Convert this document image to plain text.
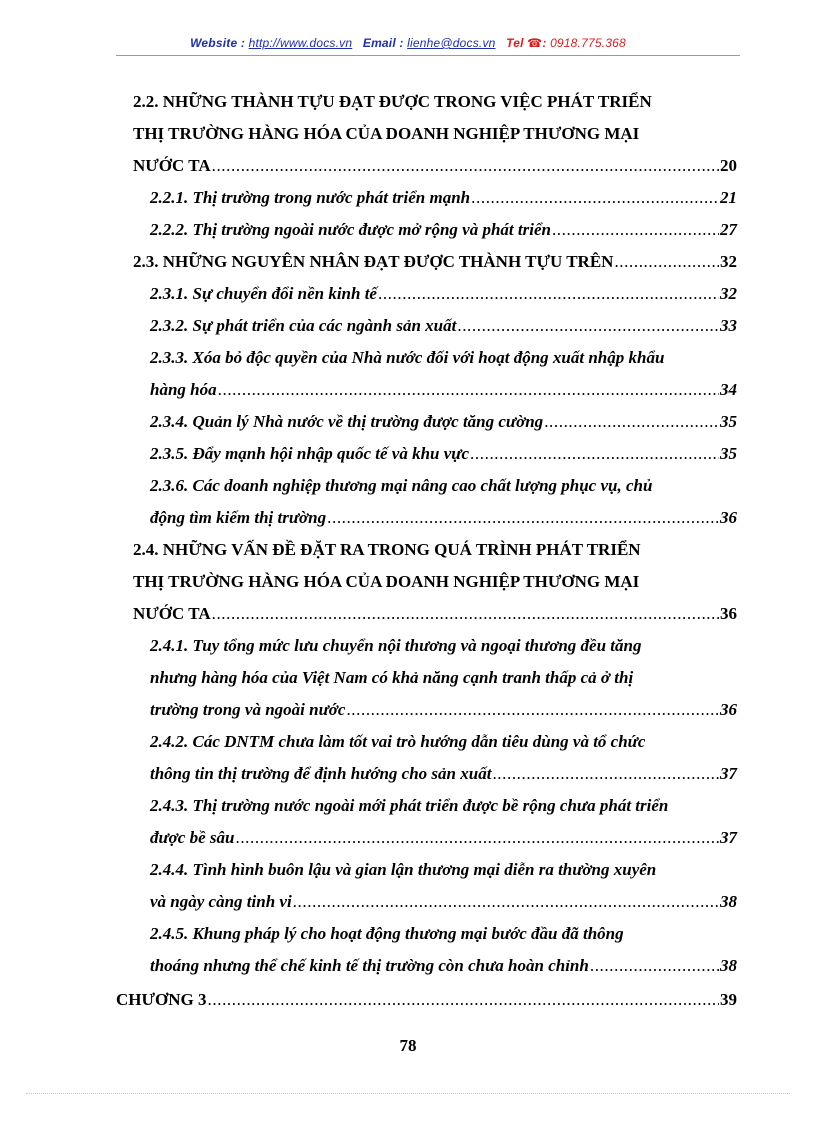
Website : http://www.docs.vn Email : lienhe@docs.vn Tel ☎: 0918.775.368
2.2. NHỮNG THÀNH TỰU ĐẠT ĐƯỢC TRONG VIỆC PHÁT TRIỂN
THỊ TRƯỜNG HÀNG HÓA CỦA DOANH NGHIỆP THƯƠNG MẠI
NƯỚC TA .....	20
2.2.1. Thị trường trong nước phát triển mạnh .....	21
2.2.2. Thị trường ngoài nước được mở rộng và phát triển .....	27
2.3. NHỮNG NGUYÊN NHÂN ĐẠT ĐƯỢC THÀNH TỰU TRÊN .....	32
2.3.1. Sự chuyển đổi nền kinh tế .....	32
2.3.2. Sự phát triển của các ngành sản xuất .....	33
2.3.3. Xóa bỏ độc quyền của Nhà nước đối với hoạt động xuất nhập khẩu
hàng hóa .....	34
2.3.4. Quản lý Nhà nước về thị trường được tăng cường .....	35
2.3.5. Đẩy mạnh hội nhập quốc tế và khu vực .....	35
2.3.6. Các doanh nghiệp thương mại nâng cao chất lượng phục vụ, chủ
động tìm kiếm thị trường .....	36
2.4. NHỮNG VẤN ĐỀ ĐẶT RA TRONG QUÁ TRÌNH PHÁT TRIỂN
THỊ TRƯỜNG HÀNG HÓA CỦA DOANH NGHIỆP THƯƠNG MẠI
NƯỚC TA .....	36
2.4.1. Tuy tổng mức lưu chuyển nội thương và ngoại thương đều tăng
nhưng hàng hóa của Việt Nam có khả năng cạnh tranh thấp cả ở thị
trường trong và ngoài nước .....	36
2.4.2. Các DNTM chưa làm tốt vai trò hướng dẫn tiêu dùng và tổ chức
thông tin thị trường để định hướng cho sản xuất .....	37
2.4.3. Thị trường nước ngoài mới phát triển được bề rộng chưa phát triển
được bề sâu .....	37
2.4.4. Tình hình buôn lậu và gian lận thương mại diễn ra thường xuyên
và ngày càng tinh vi .....	38
2.4.5. Khung pháp lý cho hoạt động thương mại bước đầu đã thông
thoáng nhưng thể chế kinh tế thị trường còn chưa hoàn chỉnh .....	38
CHƯƠNG 3 .....	39
78
